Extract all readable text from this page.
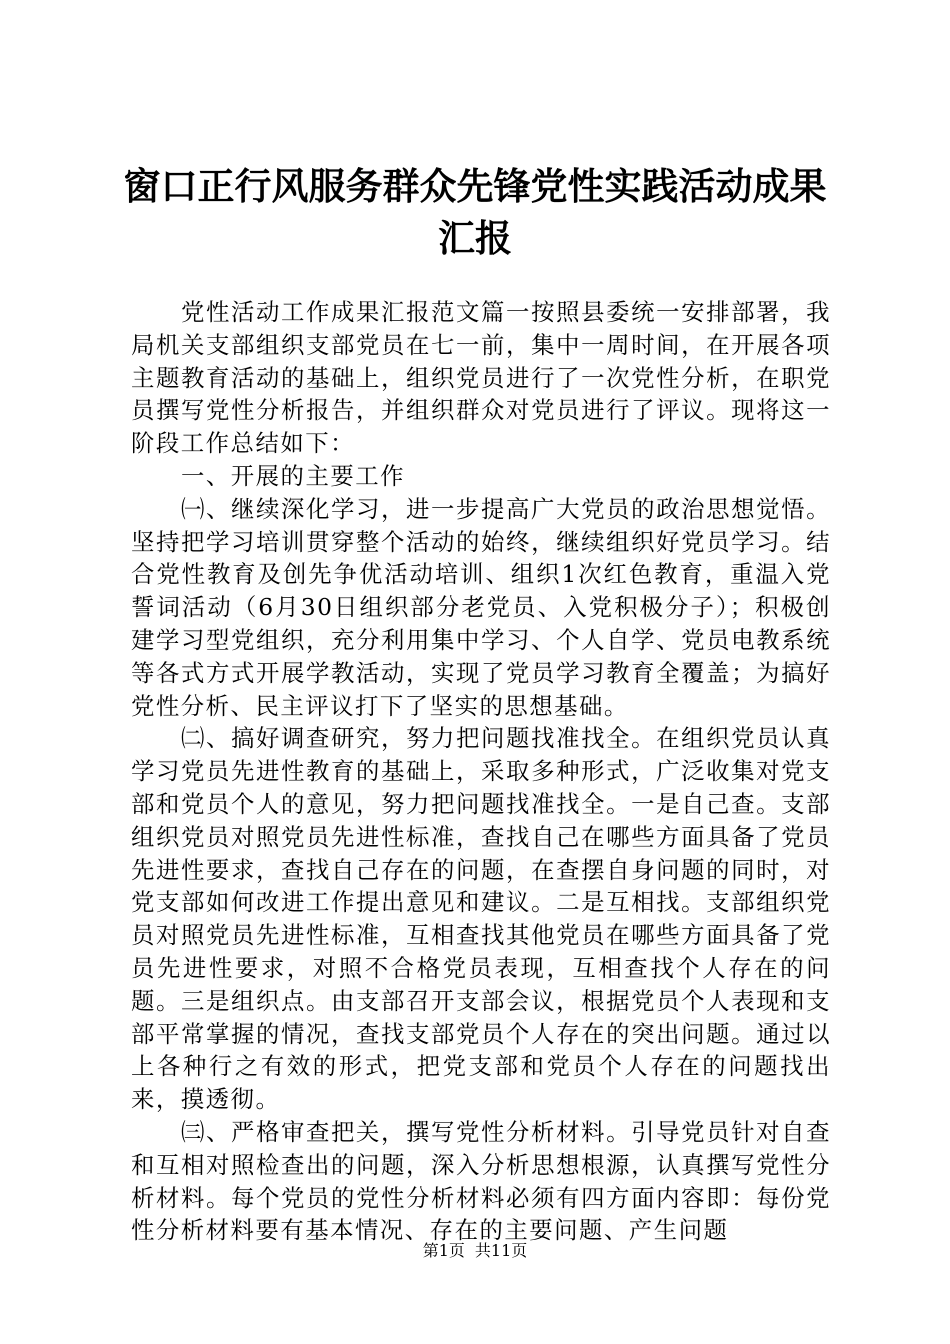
窗口正行风服务群众先锋党性实践活动成果汇报

党性活动工作成果汇报范文篇一按照县委统一安排部署，我局机关支部组织支部党员在七一前，集中一周时间，在开展各项主题教育活动的基础上，组织党员进行了一次党性分析，在职党员撰写党性分析报告，并组织群众对党员进行了评议。现将这一阶段工作总结如下：

一、开展的主要工作

㈠、继续深化学习，进一步提高广大党员的政治思想觉悟。坚持把学习培训贯穿整个活动的始终，继续组织好党员学习。结合党性教育及创先争优活动培训、组织1次红色教育，重温入党誓词活动（6月30日组织部分老党员、入党积极分子）；积极创建学习型党组织，充分利用集中学习、个人自学、党员电教系统等各式方式开展学教活动，实现了党员学习教育全覆盖；为搞好党性分析、民主评议打下了坚实的思想基础。

㈡、搞好调查研究，努力把问题找准找全。在组织党员认真学习党员先进性教育的基础上，采取多种形式，广泛收集对党支部和党员个人的意见，努力把问题找准找全。一是自己查。支部组织党员对照党员先进性标准，查找自己在哪些方面具备了党员先进性要求，查找自己存在的问题，在查摆自身问题的同时，对党支部如何改进工作提出意见和建议。二是互相找。支部组织党员对照党员先进性标准，互相查找其他党员在哪些方面具备了党员先进性要求，对照不合格党员表现，互相查找个人存在的问题。三是组织点。由支部召开支部会议，根据党员个人表现和支部平常掌握的情况，查找支部党员个人存在的突出问题。通过以上各种行之有效的形式，把党支部和党员个人存在的问题找出来，摸透彻。

㈢、严格审查把关，撰写党性分析材料。引导党员针对自查和互相对照检查出的问题，深入分析思想根源，认真撰写党性分析材料。每个党员的党性分析材料必须有四方面内容即：每份党性分析材料要有基本情况、存在的主要问题、产生问题

第1页 共11页
